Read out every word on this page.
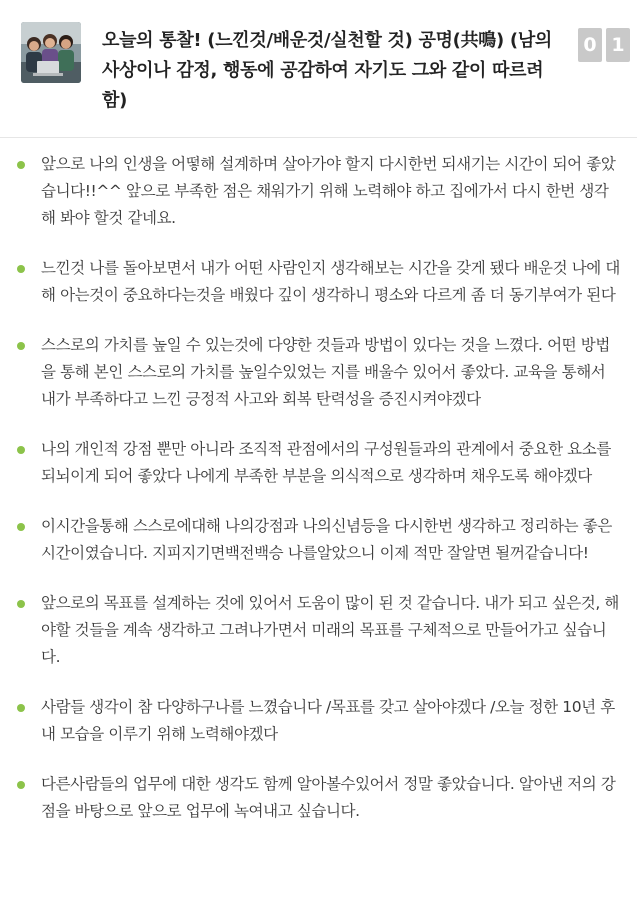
오늘의 통찰! (느낀것/배운것/실천할 것) 공명(共鳴) (남의 사상이나 감정, 행동에 공감하여 자기도 그와 같이 따르려 함)
0 1
앞으로 나의 인생을 어떻해 설계하며 살아가야 할지 다시한번 되새기는 시간이 되어 좋았습니다!!^^ 앞으로 부족한 점은 채워가기 위해 노력해야 하고 집에가서 다시 한번 생각해 봐야 할것 같네요.
느낀것 나를 돌아보면서 내가 어떤 사람인지 생각해보는 시간을 갖게 됐다 배운것 나에 대해 아는것이 중요하다는것을 배웠다 깊이 생각하니 평소와 다르게 좀 더 동기부여가 된다
스스로의 가치를 높일 수 있는것에 다양한 것들과 방법이 있다는 것을 느꼈다. 어떤 방법을 통해 본인 스스로의 가치를 높일수있었는 지를 배울수 있어서 좋았다. 교육을 통해서 내가 부족하다고 느낀 긍정적 사고와 회복 탄력성을 증진시켜야겠다
나의 개인적 강점 뿐만 아니라 조직적 관점에서의 구성원들과의 관계에서 중요한 요소를 되뇌이게 되어 좋았다 나에게 부족한 부분을 의식적으로 생각하며 채우도록 해야겠다
이시간을통해 스스로에대해 나의강점과 나의신념등을 다시한번 생각하고 정리하는 좋은시간이였습니다. 지피지기면백전백승 나를알았으니 이제 적만 잘알면 될꺼같습니다!
앞으로의 목표를 설계하는 것에 있어서 도움이 많이 된 것 같습니다. 내가 되고 싶은것, 해야할 것들을 계속 생각하고 그려나가면서 미래의 목표를 구체적으로 만들어가고 싶습니다.
사람들 생각이 참 다양하구나를 느꼈습니다 /목표를 갖고 살아야겠다 /오늘 정한 10년 후 내 모습을 이루기 위해 노력해야겠다
다른사람들의 업무에 대한 생각도 함께 알아볼수있어서 정말 좋았습니다. 알아낸 저의 강점을 바탕으로 앞으로 업무에 녹여내고 싶습니다.
